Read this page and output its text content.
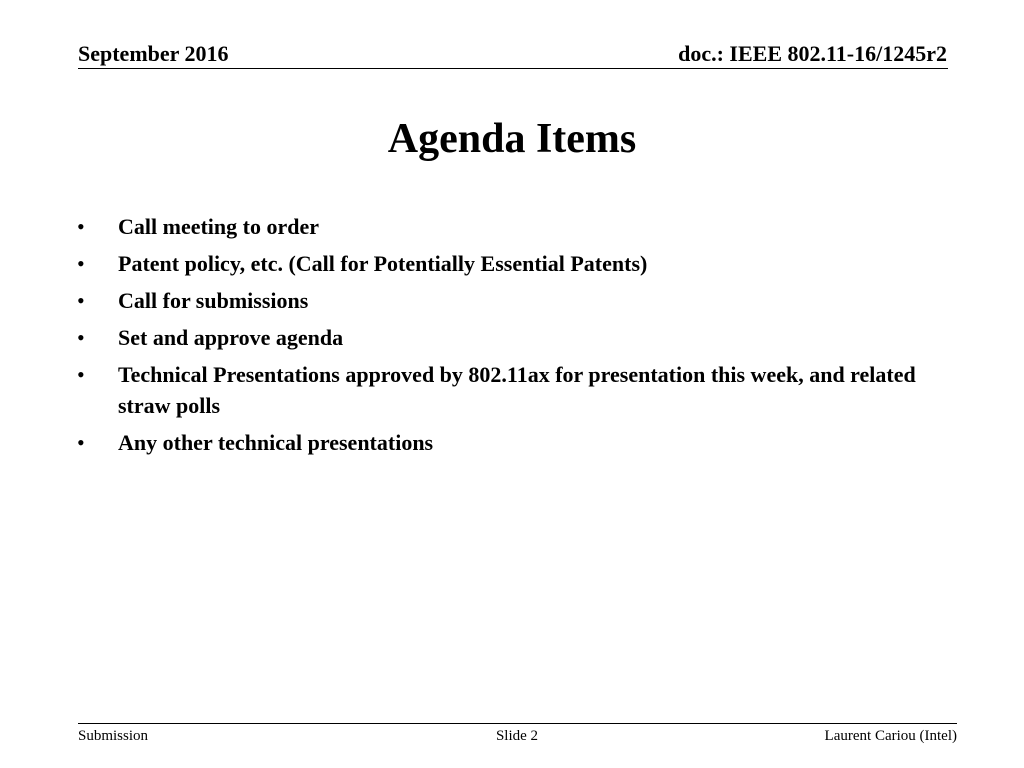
September 2016	doc.: IEEE 802.11-16/1245r2
Agenda Items
• Call meeting to order
• Patent policy, etc. (Call for Potentially Essential Patents)
• Call for submissions
• Set and approve agenda
• Technical Presentations approved by 802.11ax for presentation this week, and related straw polls
• Any other technical presentations
Submission	Slide 2	Laurent Cariou (Intel)
